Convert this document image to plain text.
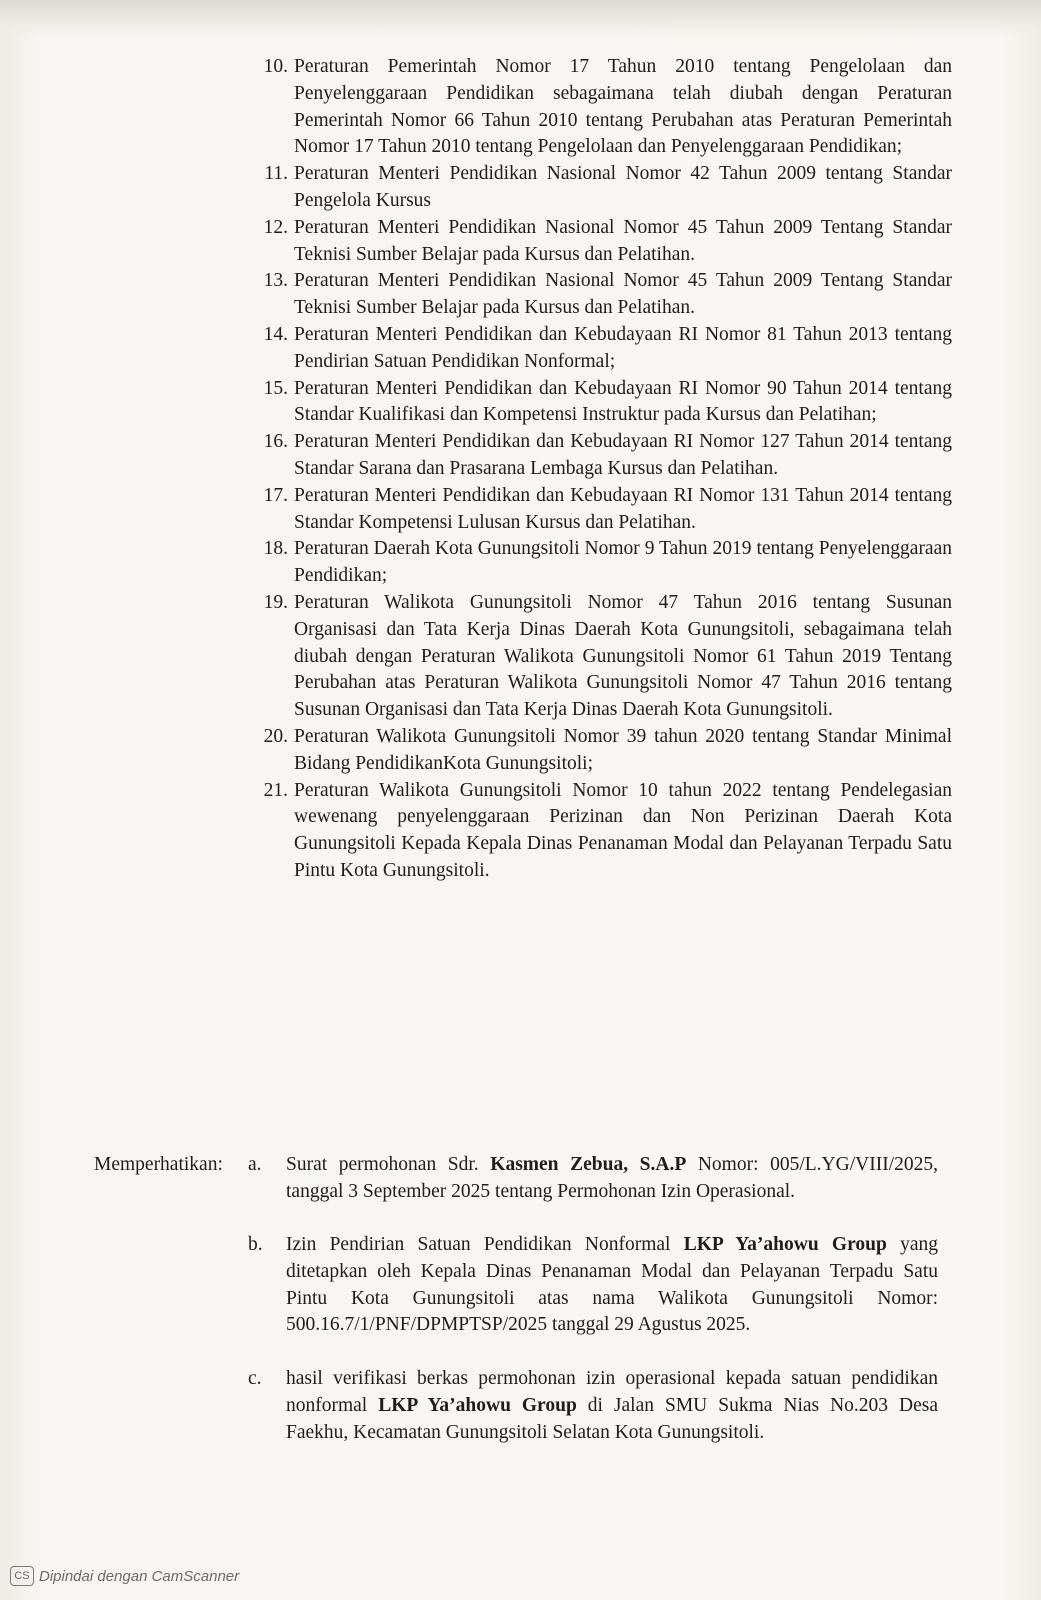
10. Peraturan Pemerintah Nomor 17 Tahun 2010 tentang Pengelolaan dan Penyelenggaraan Pendidikan sebagaimana telah diubah dengan Peraturan Pemerintah Nomor 66 Tahun 2010 tentang Perubahan atas Peraturan Pemerintah Nomor 17 Tahun 2010 tentang Pengelolaan dan Penyelenggaraan Pendidikan;
11. Peraturan Menteri Pendidikan Nasional Nomor 42 Tahun 2009 tentang Standar Pengelola Kursus
12. Peraturan Menteri Pendidikan Nasional Nomor 45 Tahun 2009 Tentang Standar Teknisi Sumber Belajar pada Kursus dan Pelatihan.
13. Peraturan Menteri Pendidikan Nasional Nomor 45 Tahun 2009 Tentang Standar Teknisi Sumber Belajar pada Kursus dan Pelatihan.
14. Peraturan Menteri Pendidikan dan Kebudayaan RI Nomor 81 Tahun 2013 tentang Pendirian Satuan Pendidikan Nonformal;
15. Peraturan Menteri Pendidikan dan Kebudayaan RI Nomor 90 Tahun 2014 tentang Standar Kualifikasi dan Kompetensi Instruktur pada Kursus dan Pelatihan;
16. Peraturan Menteri Pendidikan dan Kebudayaan RI Nomor 127 Tahun 2014 tentang Standar Sarana dan Prasarana Lembaga Kursus dan Pelatihan.
17. Peraturan Menteri Pendidikan dan Kebudayaan RI Nomor 131 Tahun 2014 tentang Standar Kompetensi Lulusan Kursus dan Pelatihan.
18. Peraturan Daerah Kota Gunungsitoli Nomor 9 Tahun 2019 tentang Penyelenggaraan Pendidikan;
19. Peraturan Walikota Gunungsitoli Nomor 47 Tahun 2016 tentang Susunan Organisasi dan Tata Kerja Dinas Daerah Kota Gunungsitoli, sebagaimana telah diubah dengan Peraturan Walikota Gunungsitoli Nomor 61 Tahun 2019 Tentang Perubahan atas Peraturan Walikota Gunungsitoli Nomor 47 Tahun 2016 tentang Susunan Organisasi dan Tata Kerja Dinas Daerah Kota Gunungsitoli.
20. Peraturan Walikota Gunungsitoli Nomor 39 tahun 2020 tentang Standar Minimal Bidang PendidikanKota Gunungsitoli;
21. Peraturan Walikota Gunungsitoli Nomor 10 tahun 2022 tentang Pendelegasian wewenang penyelenggaraan Perizinan dan Non Perizinan Daerah Kota Gunungsitoli Kepada Kepala Dinas Penanaman Modal dan Pelayanan Terpadu Satu Pintu Kota Gunungsitoli.
Memperhatikan:	a.	Surat permohonan Sdr. Kasmen Zebua, S.A.P Nomor: 005/L.YG/VIII/2025, tanggal 3 September 2025 tentang Permohonan Izin Operasional.
b.	Izin Pendirian Satuan Pendidikan Nonformal LKP Ya’ahowu Group yang ditetapkan oleh Kepala Dinas Penanaman Modal dan Pelayanan Terpadu Satu Pintu Kota Gunungsitoli atas nama Walikota Gunungsitoli Nomor: 500.16.7/1/PNF/DPMPTSP/2025 tanggal 29 Agustus 2025.
c.	hasil verifikasi berkas permohonan izin operasional kepada satuan pendidikan nonformal LKP Ya’ahowu Group di Jalan SMU Sukma Nias No.203 Desa Faekhu, Kecamatan Gunungsitoli Selatan Kota Gunungsitoli.
CS Dipindai dengan CamScanner
